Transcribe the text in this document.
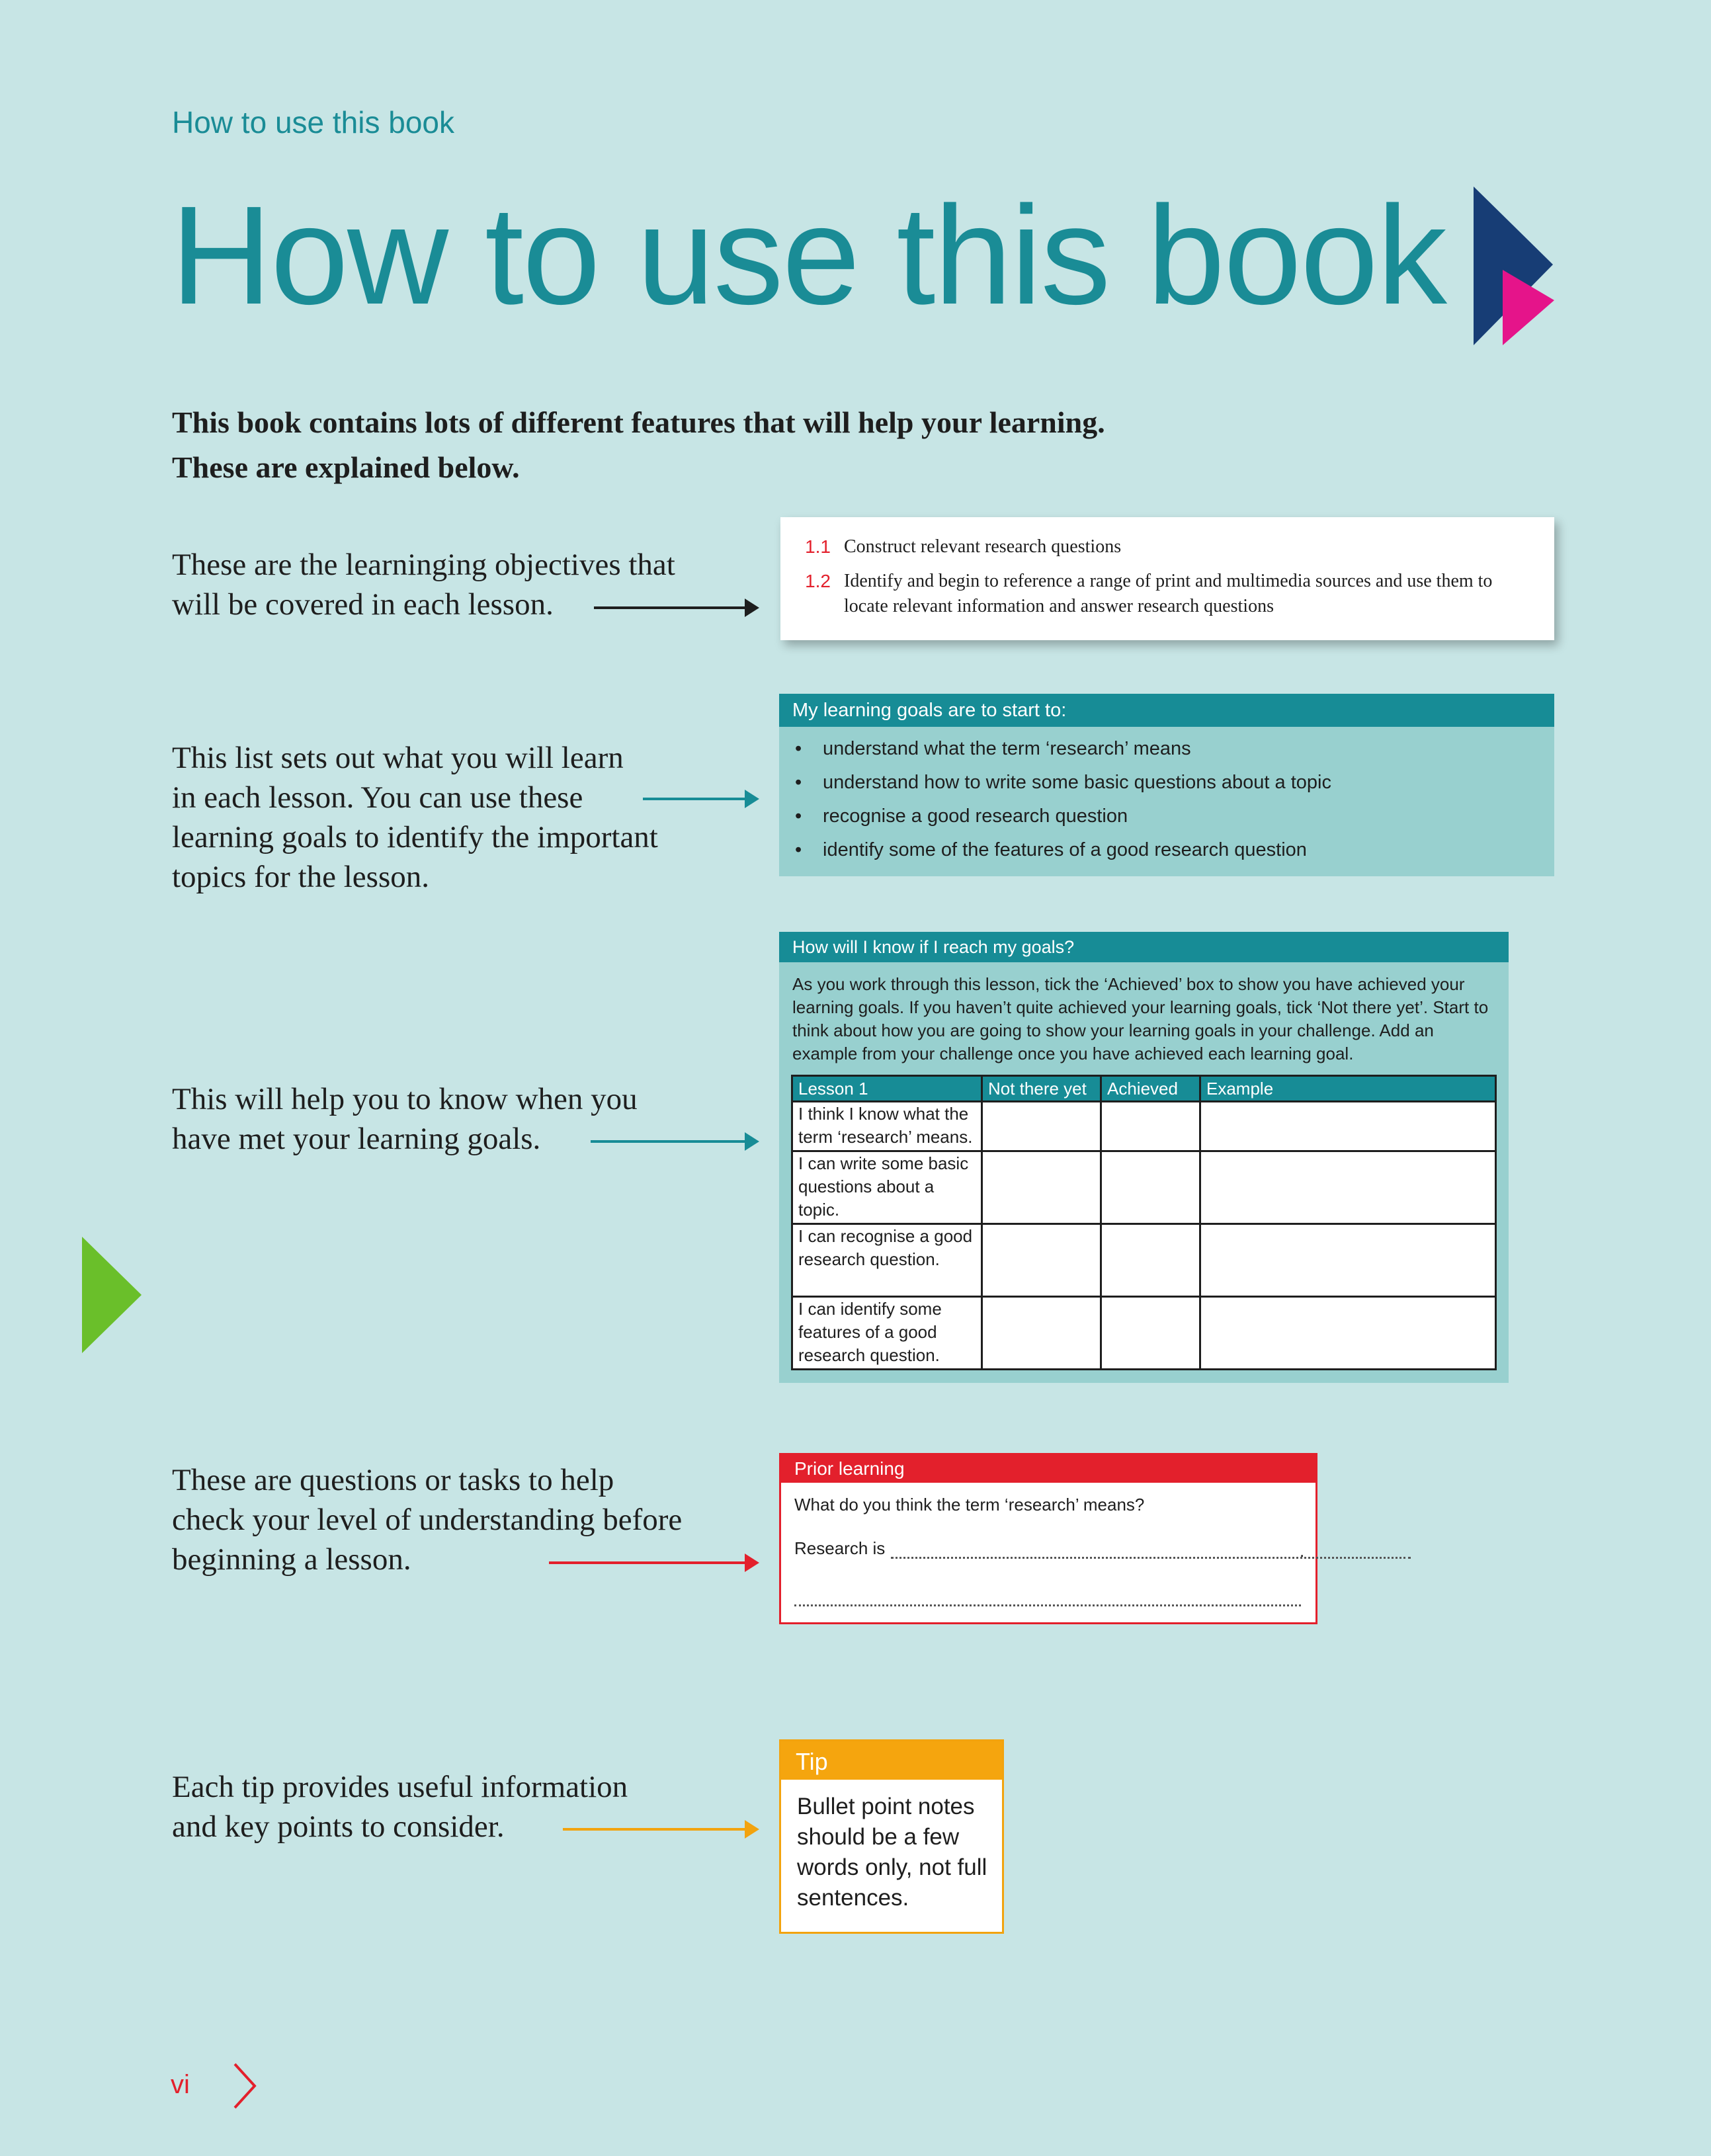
How to use this book
How to use this book
This book contains lots of different features that will help your learning.
These are explained below.
These are the learninging objectives that
will be covered in each lesson.
1.1 Construct relevant research questions
1.2 Identify and begin to reference a range of print and multimedia sources and use them to locate relevant information and answer research questions
This list sets out what you will learn
in each lesson. You can use these
learning goals to identify the important
topics for the lesson.
My learning goals are to start to:
• understand what the term ‘research’ means
• understand how to write some basic questions about a topic
• recognise a good research question
• identify some of the features of a good research question
This will help you to know when you
have met your learning goals.
How will I know if I reach my goals?
As you work through this lesson, tick the ‘Achieved’ box to show you have achieved your learning goals. If you haven’t quite achieved your learning goals, tick ‘Not there yet’. Start to think about how you are going to show your learning goals in your challenge. Add an example from your challenge once you have achieved each learning goal.
Lesson 1	Not there yet	Achieved	Example
I think I know what the term ‘research’ means.			
I can write some basic questions about a topic.			
I can recognise a good research question.			
I can identify some features of a good research question.			
These are questions or tasks to help
check your level of understanding before
beginning a lesson.
Prior learning
What do you think the term ‘research’ means?
Research is	.
Each tip provides useful information
and key points to consider.
Tip
Bullet point notes should be a few words only, not full sentences.
vi
